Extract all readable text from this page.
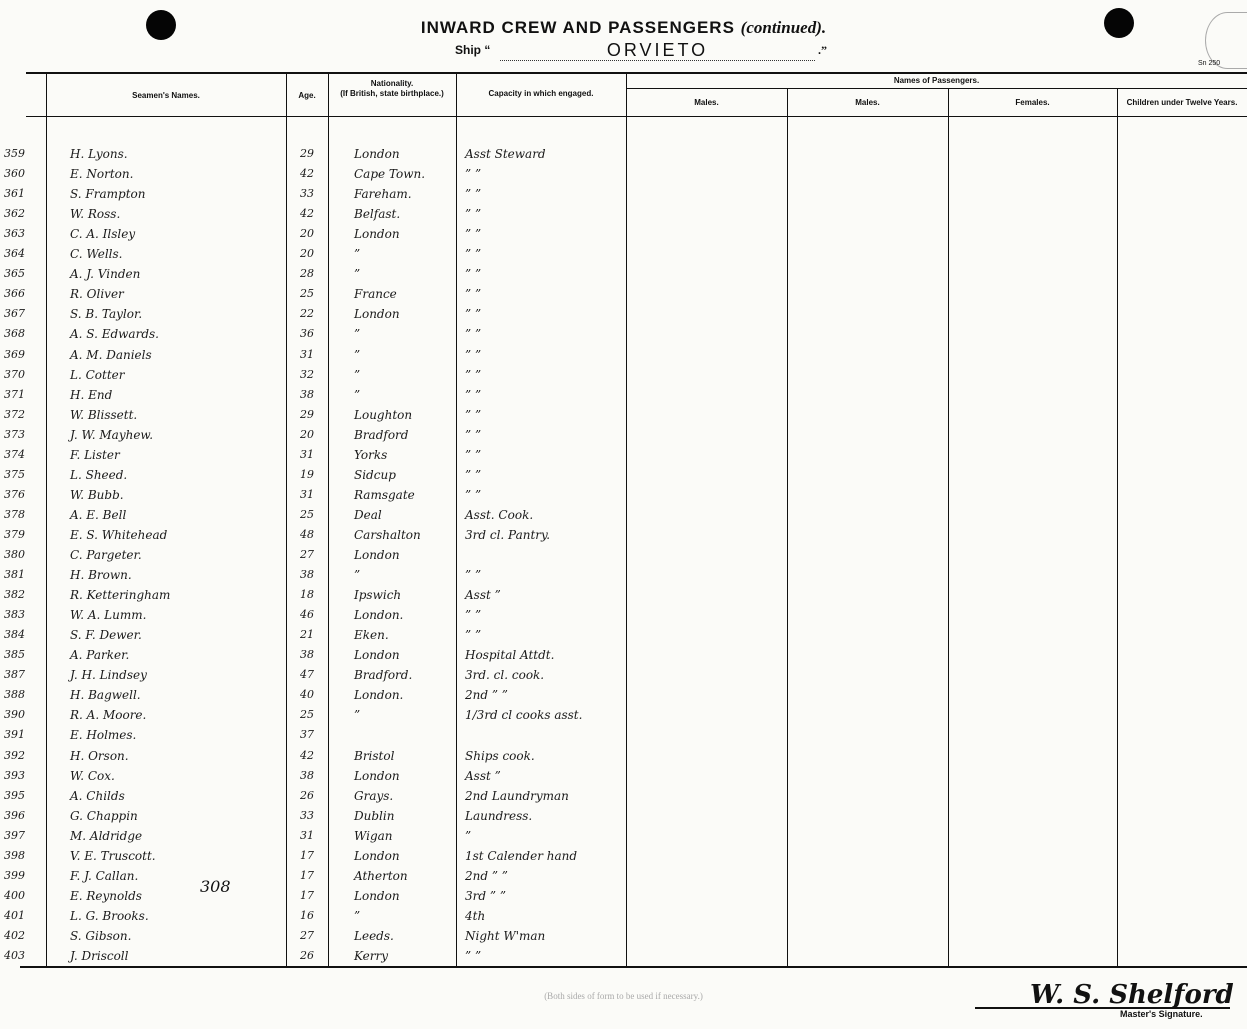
INWARD CREW AND PASSENGERS (continued).
Ship “	ORVIETO	.”
Sn 250
Seamen's Names.	Age.
Nationality.
(If British, state birthplace.)	Capacity in which engaged.
Names of Passengers.
Males.	Males.	Females.	Children under Twelve Years.
359	H. Lyons.	29	London	Asst Steward
360	E. Norton.	42	Cape Town.	” ”
361	S. Frampton	33	Fareham.	” ”
362	W. Ross.	42	Belfast.	” ”
363	C. A. Ilsley	20	London	” ”
364	C. Wells.	20	”	” ”
365	A. J. Vinden	28	”	” ”
366	R. Oliver	25	France	” ”
367	S. B. Taylor.	22	London	” ”
368	A. S. Edwards.	36	”	” ”
369	A. M. Daniels	31	”	” ”
370	L. Cotter	32	”	” ”
371	H. End	38	”	” ”
372	W. Blissett.	29	Loughton	” ”
373	J. W. Mayhew.	20	Bradford	” ”
374	F. Lister	31	Yorks	” ”
375	L. Sheed.	19	Sidcup	” ”
376	W. Bubb.	31	Ramsgate	” ”
378	A. E. Bell	25	Deal	Asst. Cook.
379	E. S. Whitehead	48	Carshalton	3rd cl. Pantry.
380	C. Pargeter.	27	London
381	H. Brown.	38	”	” ”
382	R. Ketteringham	18	Ipswich	Asst ”
383	W. A. Lumm.	46	London.	” ”
384	S. F. Dewer.	21	Eken.	” ”
385	A. Parker.	38	London	Hospital Attdt.
387	J. H. Lindsey	47	Bradford.	3rd. cl. cook.
388	H. Bagwell.	40	London.	2nd ” ”
390	R. A. Moore.	25	”	1/3rd cl cooks asst.
391	E. Holmes.	37
392	H. Orson.	42	Bristol	Ships cook.
393	W. Cox.	38	London	Asst ”
395	A. Childs	26	Grays.	2nd Laundryman
396	G. Chappin	33	Dublin	Laundress.
397	M. Aldridge	31	Wigan	”
398	V. E. Truscott.	17	London	1st Calender hand
399	F. J. Callan.	17	Atherton	2nd ” ”
400	E. Reynolds	17	London	3rd ” ”
401	L. G. Brooks.	16	”	4th
402	S. Gibson.	27	Leeds.	Night W'man
403	J. Driscoll	26	Kerry	” ”
308
(Both sides of form to be used if necessary.)	W. S. Shelford
Master's Signature.
